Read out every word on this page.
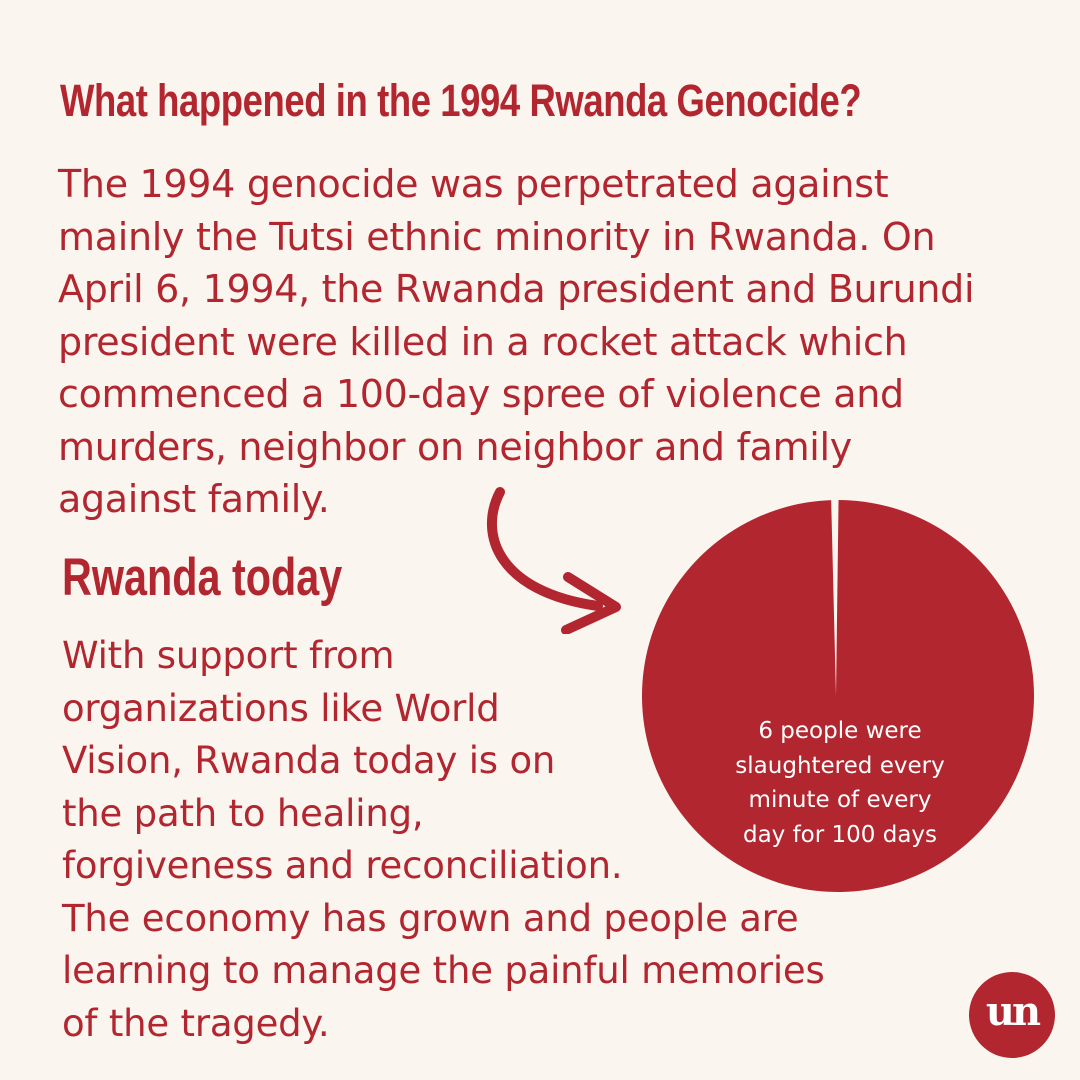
What happened in the 1994 Rwanda Genocide?

The 1994 genocide was perpetrated against
mainly the Tutsi ethnic minority in Rwanda. On
April 6, 1994, the Rwanda president and Burundi
president were killed in a rocket attack which
commenced a 100-day spree of violence and
murders, neighbor on neighbor and family
against family.

Rwanda today

With support from
organizations like World
Vision, Rwanda today is on
the path to healing,
forgiveness and reconciliation.
The economy has grown and people are
learning to manage the painful memories
of the tragedy.

6 people were
slaughtered every
minute of every
day for 100 days

un
